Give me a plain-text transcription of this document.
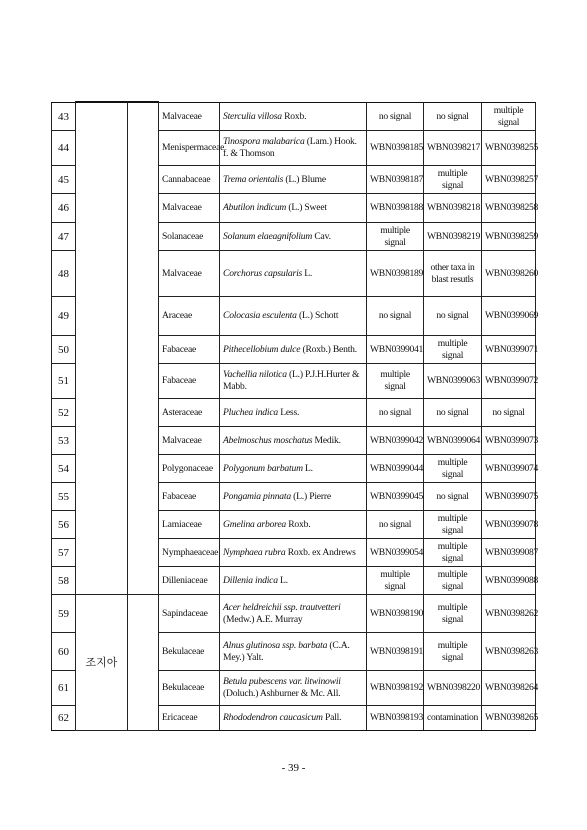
43			Malvaceae	Sterculia villosa Roxb.	no signal	no signal	multiple signal
44			Menispermaceae	Tinospora malabarica (Lam.) Hook. f. & Thomson	WBN0398185	WBN0398217	WBN0398255
45			Cannabaceae	Trema orientalis (L.) Blume	WBN0398187	multiple signal	WBN0398257
46			Malvaceae	Abutilon indicum (L.) Sweet	WBN0398188	WBN0398218	WBN0398258
47			Solanaceae	Solanum elaeagnifolium Cav.	multiple signal	WBN0398219	WBN0398259
48			Malvaceae	Corchorus capsularis L.	WBN0398189	other taxa in blast resutls	WBN0398260
49			Araceae	Colocasia esculenta (L.) Schott	no signal	no signal	WBN0399069
50			Fabaceae	Pithecellobium dulce (Roxb.) Benth.	WBN0399041	multiple signal	WBN0399071
51			Fabaceae	Vachellia nilotica (L.) P.J.H.Hurter & Mabb.	multiple signal	WBN0399063	WBN0399072
52			Asteraceae	Pluchea indica Less.	no signal	no signal	no signal
53			Malvaceae	Abelmoschus moschatus Medik.	WBN0399042	WBN0399064	WBN0399073
54			Polygonaceae	Polygonum barbatum L.	WBN0399044	multiple signal	WBN0399074
55			Fabaceae	Pongamia pinnata (L.) Pierre	WBN0399045	no signal	WBN0399075
56			Lamiaceae	Gmelina arborea Roxb.	no signal	multiple signal	WBN0399078
57			Nymphaeaceae	Nymphaea rubra Roxb. ex Andrews	WBN0399054	multiple signal	WBN0399087
58			Dilleniaceae	Dillenia indica L.	multiple signal	multiple signal	WBN0399088
59	조지아		Sapindaceae	Acer heldreichii ssp. trautvetteri (Medw.) A.E. Murray	WBN0398190	multiple signal	WBN0398262
60			Bekulaceae	Alnus glutinosa ssp. barbata (C.A. Mey.) Yalt.	WBN0398191	multiple signal	WBN0398263
61			Bekulaceae	Betula pubescens var. litwinowii (Doluch.) Ashburner & Mc. All.	WBN0398192	WBN0398220	WBN0398264
62			Ericaceae	Rhododendron caucasicum Pall.	WBN0398193	contamination	WBN0398265
- 39 -
